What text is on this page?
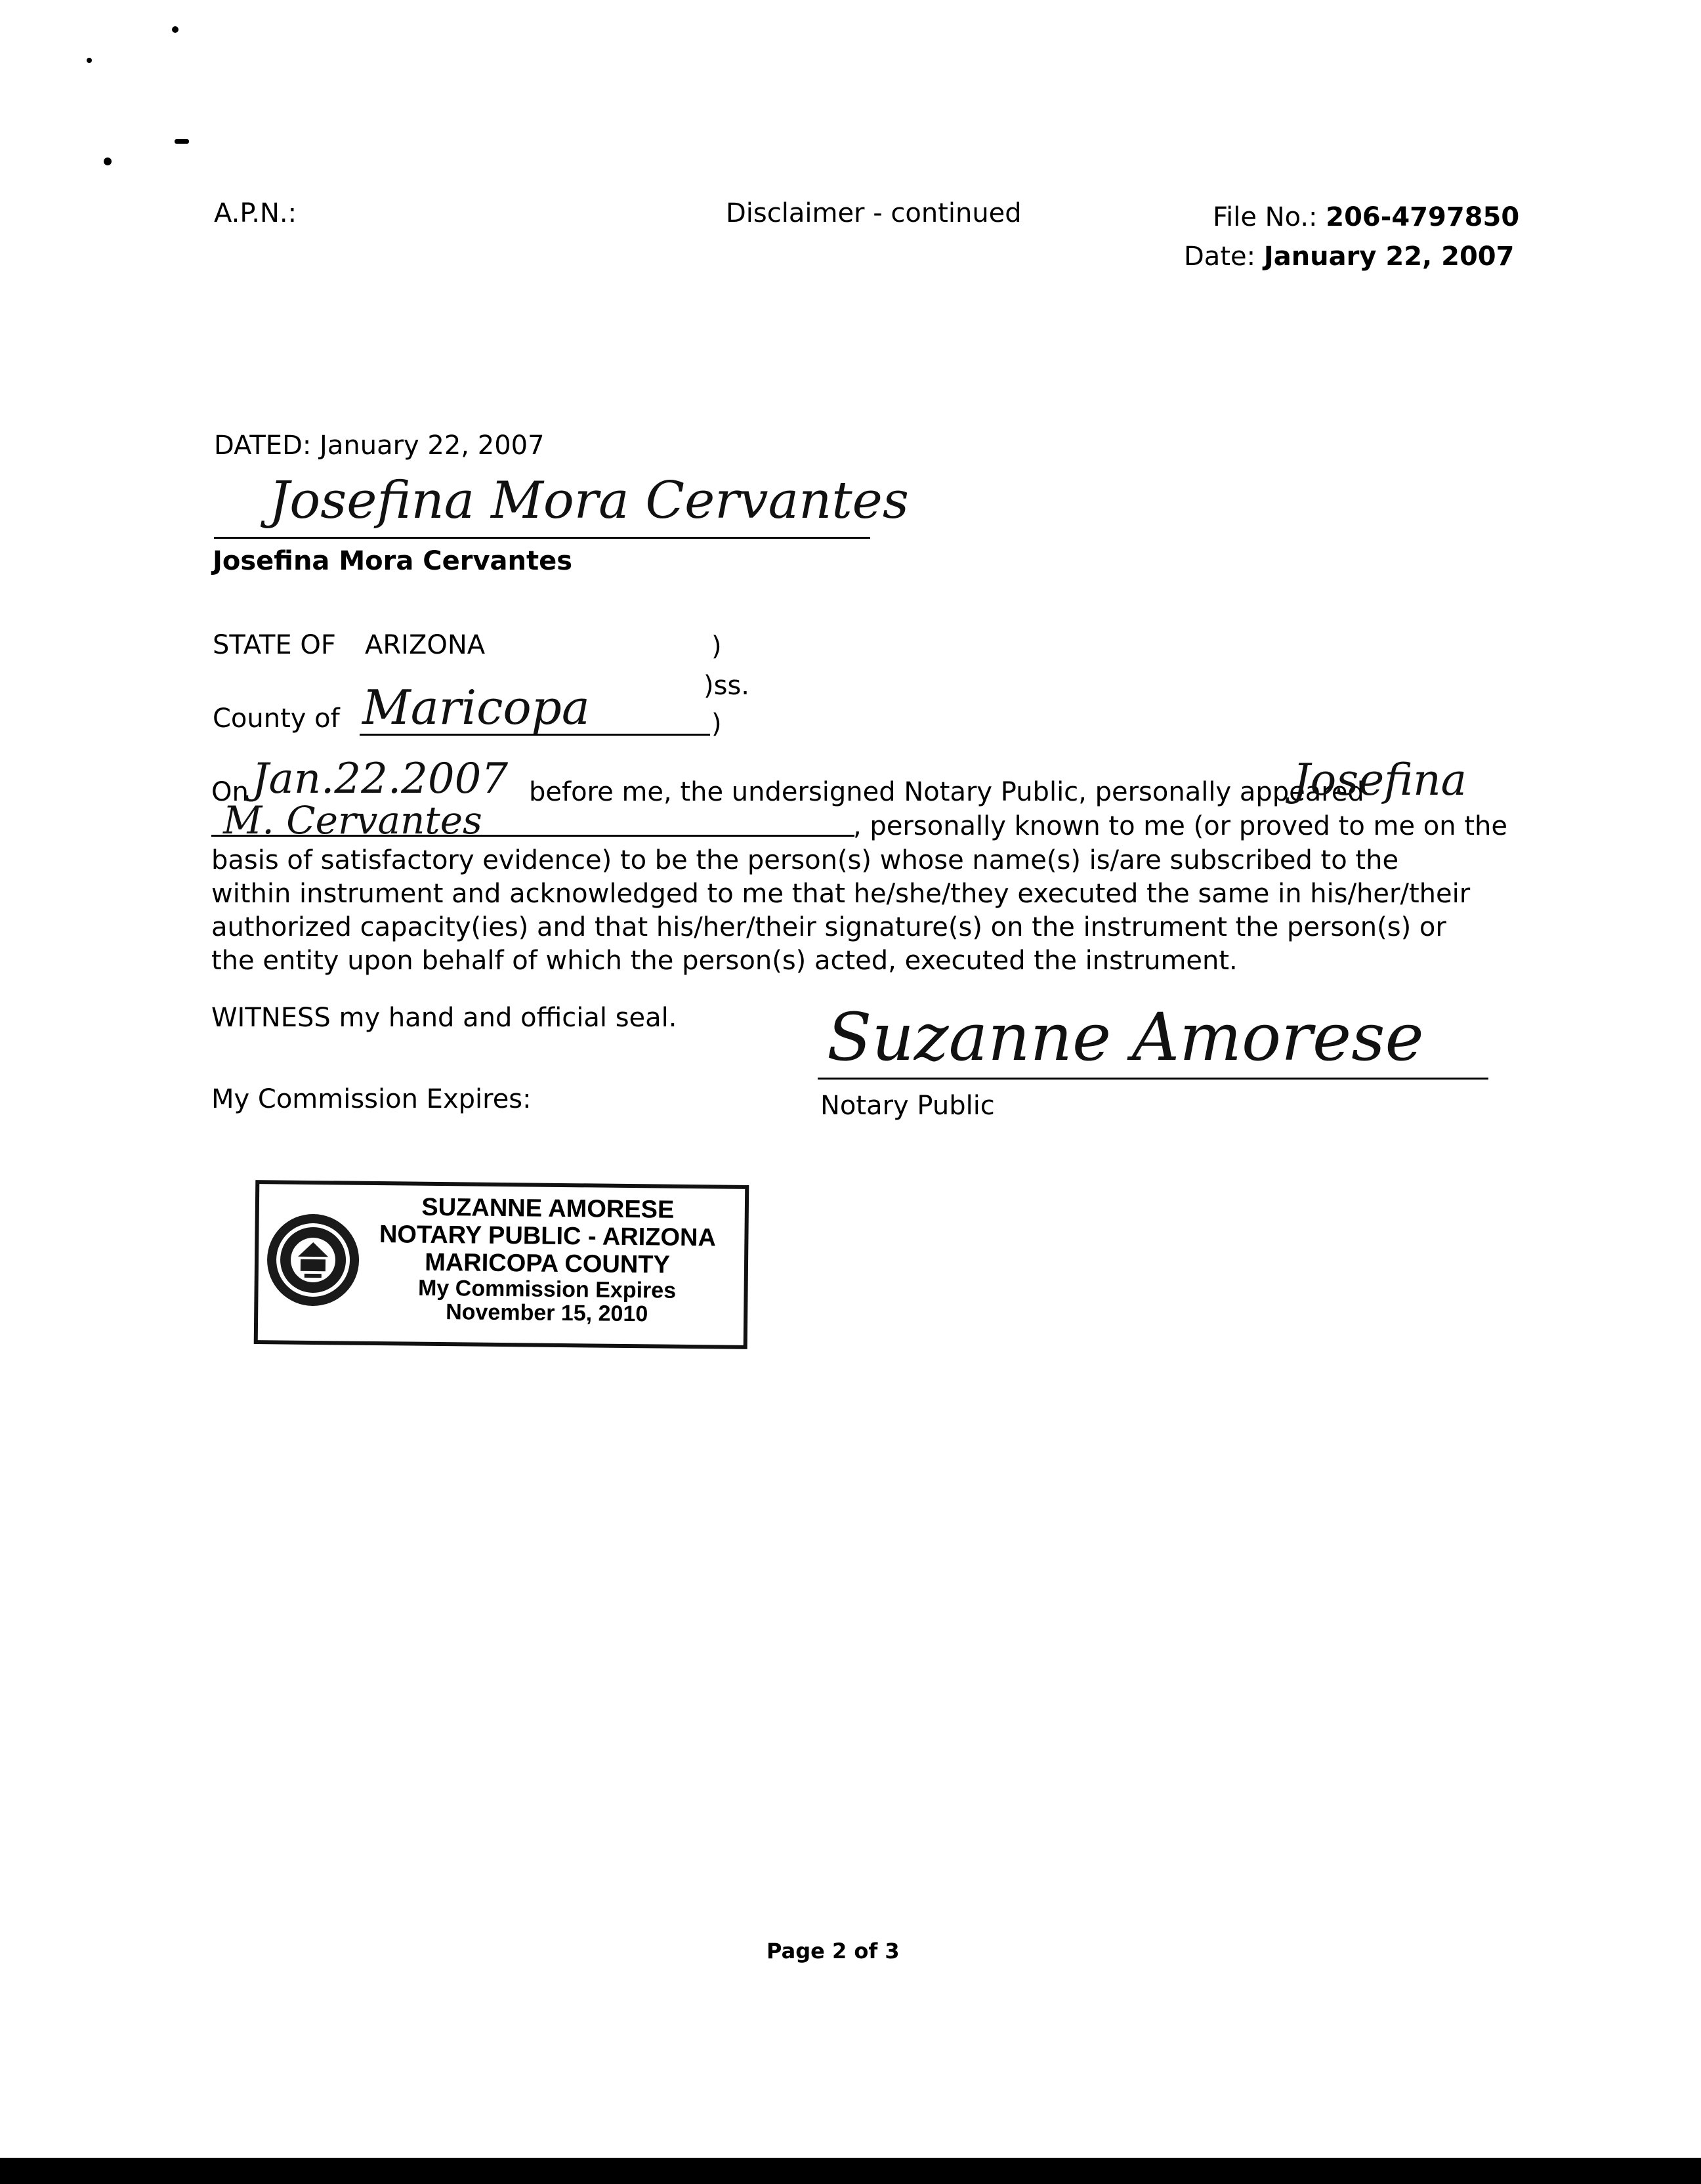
A.P.N.:	Disclaimer - continued	File No.: 206-4797850
Date: January 22, 2007
DATED: January 22, 2007
Josefina Mora Cervantes
Josefina Mora Cervantes
STATE OF ARIZONA	)
)ss.
County of Maricopa	)
On Jan.22.2007 before me, the undersigned Notary Public, personally appeared
Josefina
M. Cervantes	, personally known to me (or proved to me on the
basis of satisfactory evidence) to be the person(s) whose name(s) is/are subscribed to the within instrument and acknowledged to me that he/she/they executed the same in his/her/their authorized capacity(ies) and that his/her/their signature(s) on the instrument the person(s) or the entity upon behalf of which the person(s) acted, executed the instrument.
WITNESS my hand and official seal.
My Commission Expires:
Suzanne Amorese
Notary Public
SUZANNE AMORESE
NOTARY PUBLIC - ARIZONA
MARICOPA COUNTY
My Commission Expires
November 15, 2010
Page 2 of 3
